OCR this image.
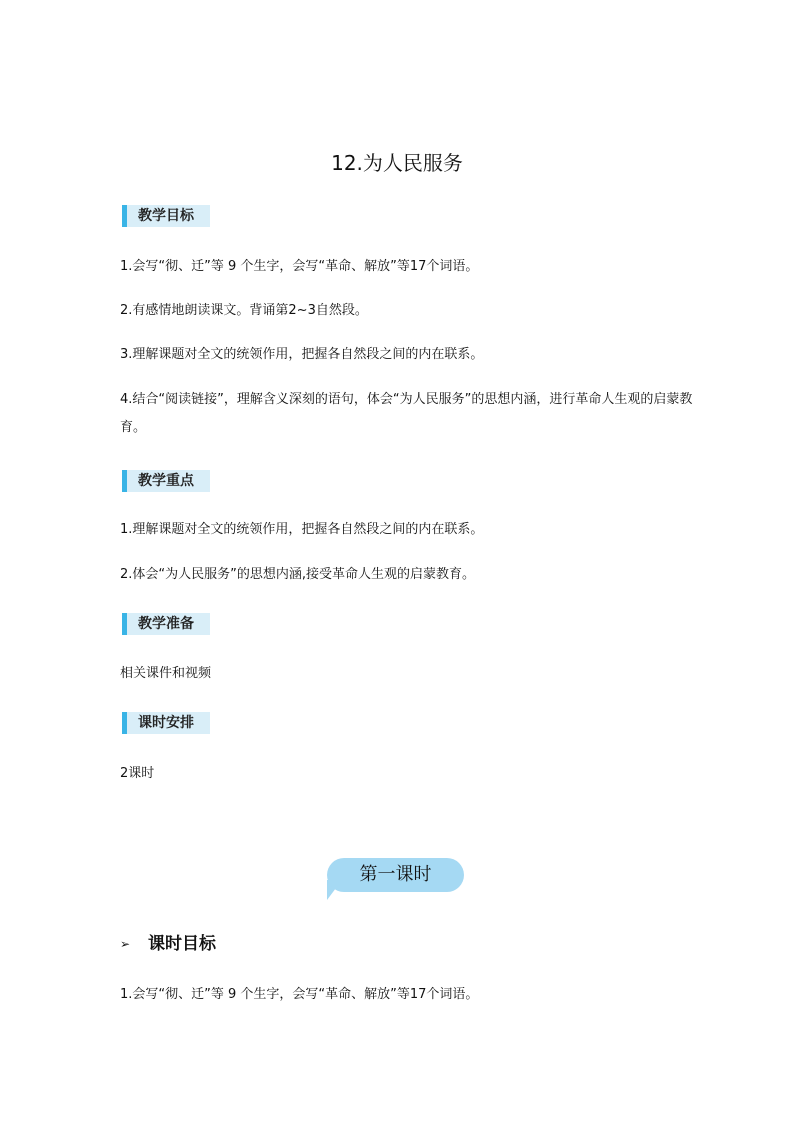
12.为人民服务
教学目标
1.会写“彻、迁”等 9 个生字，会写“革命、解放”等17个词语。
2.有感情地朗读课文。背诵第2~3自然段。
3.理解课题对全文的统领作用，把握各自然段之间的内在联系。
4.结合“阅读链接”，理解含义深刻的语句，体会“为人民服务”的思想内涵，进行革命人生观的启蒙教育。
教学重点
1.理解课题对全文的统领作用，把握各自然段之间的内在联系。
2.体会“为人民服务”的思想内涵,接受革命人生观的启蒙教育。
教学准备
相关课件和视频
课时安排
2课时
第一课时
➢ 课时目标
1.会写“彻、迁”等 9 个生字，会写“革命、解放”等17个词语。
